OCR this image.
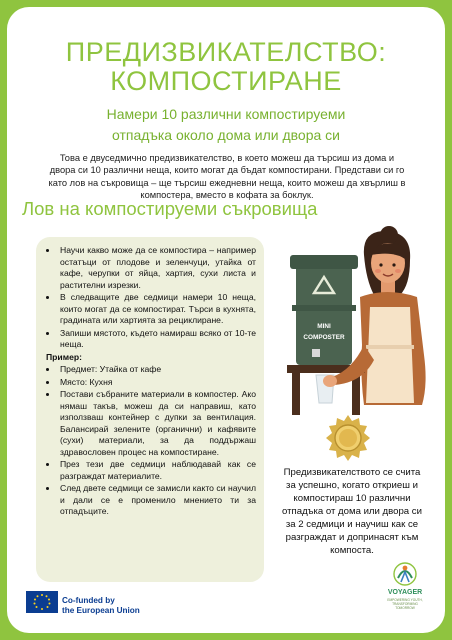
ПРЕДИЗВИКАТЕЛСТВО:
КОМПОСТИРАНЕ

Намери 10 различни компостируеми
отпадъка около дома или двора си

Това е двуседмично предизвикателство, в което можеш да търсиш из дома и двора си 10 различни неща, които могат да бъдат компостирани. Представи си го като лов на съкровища – ще търсиш ежедневни неща, които можеш да хвърлиш в компостера, вместо в кофата за боклук.

Лов на компостируеми съкровища
• Научи какво може да се компостира – например остатъци от плодове и зеленчуци, утайка от кафе, черупки от яйца, хартия, сухи листа и растителни изрезки.
• В следващите две седмици намери 10 неща, които могат да се компостират. Търси в кухнята, градината или хартията за рециклиране.
• Запиши мястото, където намираш всяко от 10-те неща.
Пример:
• Предмет: Утайка от кафе
• Място: Кухня
• Постави събраните материали в компостер. Ако нямаш такъв, можеш да си направиш, като използваш контейнер с дупки за вентилация. Балансирай зелените (органични) и кафявите (сухи) материали, за да поддържаш здравословен процес на компостиране.
• През тези две седмици наблюдавай как се разграждат материалите.
• След двете седмици се замисли както си научил и дали се е променило мнението ти за отпадъците.
MINI
COMPOSTER

Предизвикателството се счита за успешно, когато откриеш и компостираш 10 различни отпадъка от дома или двора си за 2 седмици и научиш как се разграждат и допринасят към компоста.

Co-funded by
the European Union
VOYAGER
EMPOWERING YOUTH,
TRANSFORMING
TOMORROW
